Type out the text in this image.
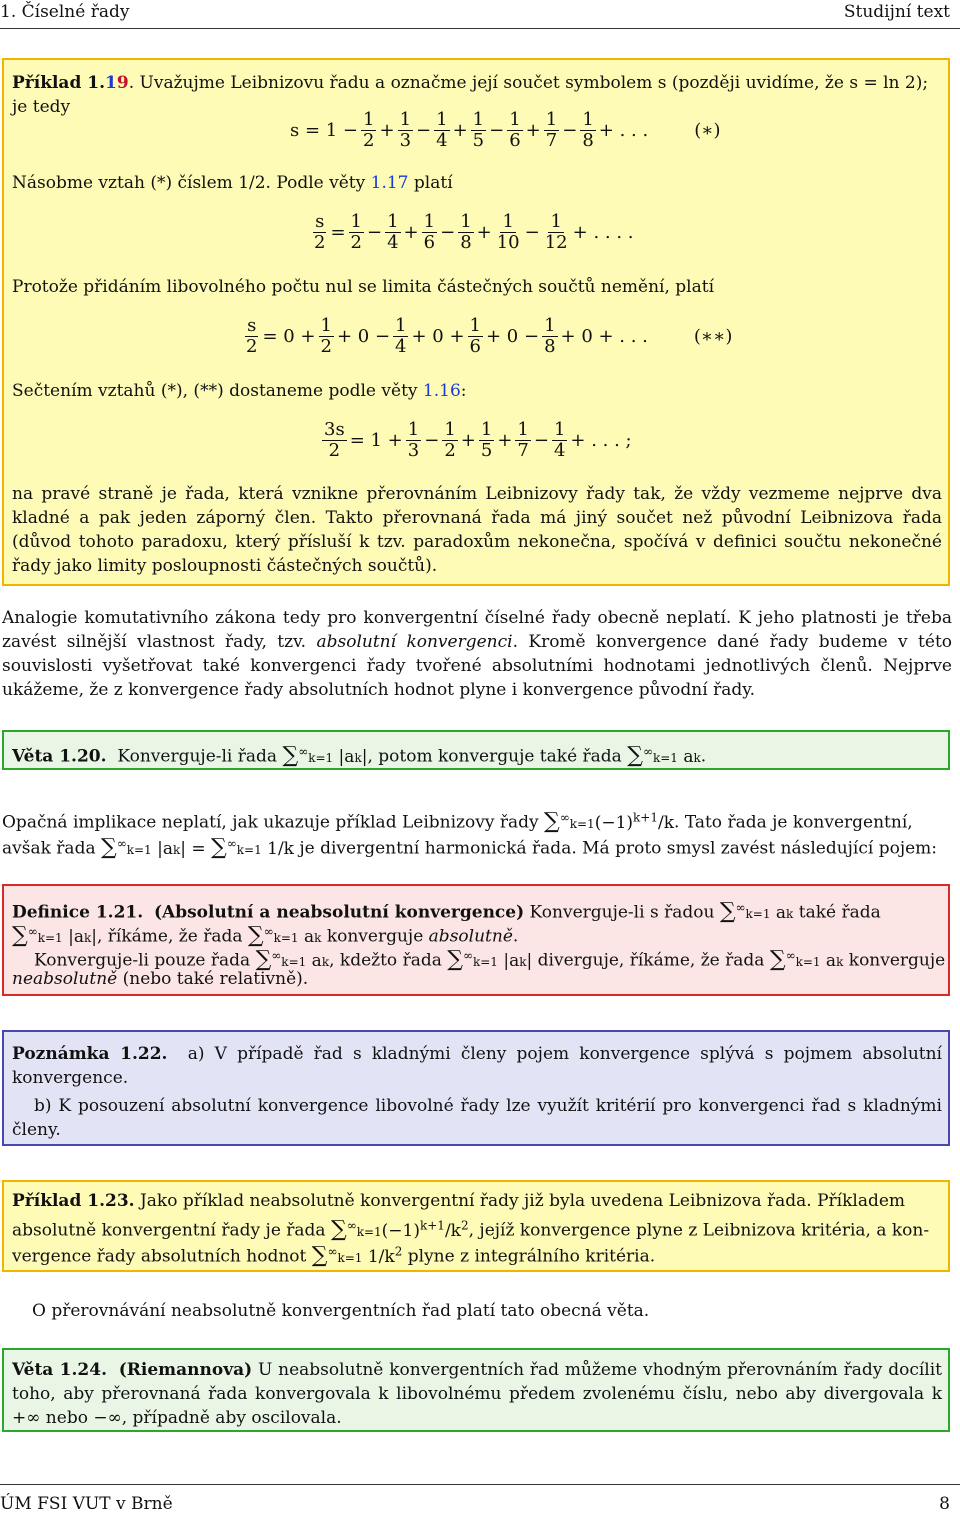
1. Číselné řady	Studijní text
Příklad 1.19. Uvažujme Leibnizovu řadu a označme její součet symbolem s (později uvidíme, že s = ln 2);
je tedy
$s = 1 - \frac{1}{2} + \frac{1}{3} - \frac{1}{4} + \frac{1}{5} - \frac{1}{6} + \frac{1}{7} - \frac{1}{8}$ + . . .	(∗)
Násobme vztah (*) číslem 1/2. Podle věty 1.17 platí
$\frac{s}{2} = \frac{1}{2} - \frac{1}{4} + \frac{1}{6} - \frac{1}{8} + \frac{1}{10} - \frac{1}{12}$ + . . . .
Protože přidáním libovolného počtu nul se limita částečných součtů nemění, platí
$\frac{s}{2} = 0 + \frac{1}{2} + 0 - \frac{1}{4} + 0 + \frac{1}{6} + 0 - \frac{1}{8} + 0$ + . . .	(∗∗)
Sečtením vztahů (*), (**) dostaneme podle věty 1.16:
$\frac{3s}{2} = 1 + \frac{1}{3} - \frac{1}{2} + \frac{1}{5} + \frac{1}{7} - \frac{1}{4}$ + . . . ;
na pravé straně je řada, která vznikne přerovnáním Leibnizovy řady tak, že vždy vezmeme nejprve dva kladné a pak jeden záporný člen. Takto přerovnaná řada má jiný součet než původní Leibnizova řada (důvod tohoto paradoxu, který přísluší k tzv. paradoxům nekonečna, spočívá v definici součtu nekonečné řady jako limity posloupnosti částečných součtů).
Analogie komutativního zákona tedy pro konvergentní číselné řady obecně neplatí. K jeho platnosti je třeba zavést silnější vlastnost řady, tzv. absolutní konvergenci. Kromě konvergence dané řady budeme v této souvislosti vyšetřovat také konvergenci řady tvořené absolutními hodnotami jednotlivých členů. Nejprve ukážeme, že z konvergence řady absolutních hodnot plyne i konvergence původní řady.
Věta 1.20. Konverguje-li řada ∑∞k=1 |ak|, potom konverguje také řada ∑∞k=1 ak.
Opačná implikace neplatí, jak ukazuje příklad Leibnizovy řady $\sum^\infty k=1(-1)^{k+1}/k$. Tato řada je konvergentní,
avšak řada ∑∞k=1 |ak| = ∑∞k=1 1/k je divergentní harmonická řada. Má proto smysl zavést následující pojem:
Definice 1.21. (Absolutní a neabsolutní konvergence) Konverguje-li s řadou ∑∞k=1 ak také řada
∑∞k=1 |ak|, říkáme, že řada ∑∞k=1 ak konverguje absolutně.
Konverguje-li pouze řada ∑∞k=1 ak, kdežto řada ∑∞k=1 |ak| diverguje, říkáme, že řada ∑∞k=1 ak konverguje
neabsolutně (nebo také relativně).
Poznámka 1.22. a) V případě řad s kladnými členy pojem konvergence splývá s pojmem absolutní konvergence.
b) K posouzení absolutní konvergence libovolné řady lze využít kritérií pro konvergenci řad s kladnými členy.
Příklad 1.23. Jako příklad neabsolutně konvergentní řady již byla uvedena Leibnizova řada. Příkladem
absolutně konvergentní řady je řada $\sum^\infty k=1(-1)^{k+1}/k^2$, jejíž konvergence plyne z Leibnizova kritéria, a kon-
vergence řady absolutních hodnot ∑∞k=1 $1/k^2$ plyne z integrálního kritéria.
O přerovnávání neabsolutně konvergentních řad platí tato obecná věta.
Věta 1.24. (Riemannova) U neabsolutně konvergentních řad můžeme vhodným přerovnáním řady docílit toho, aby přerovnaná řada konvergovala k libovolnému předem zvolenému číslu, nebo aby divergovala k +∞ nebo −∞, případně aby oscilovala.
ÚM FSI VUT v Brně	8
